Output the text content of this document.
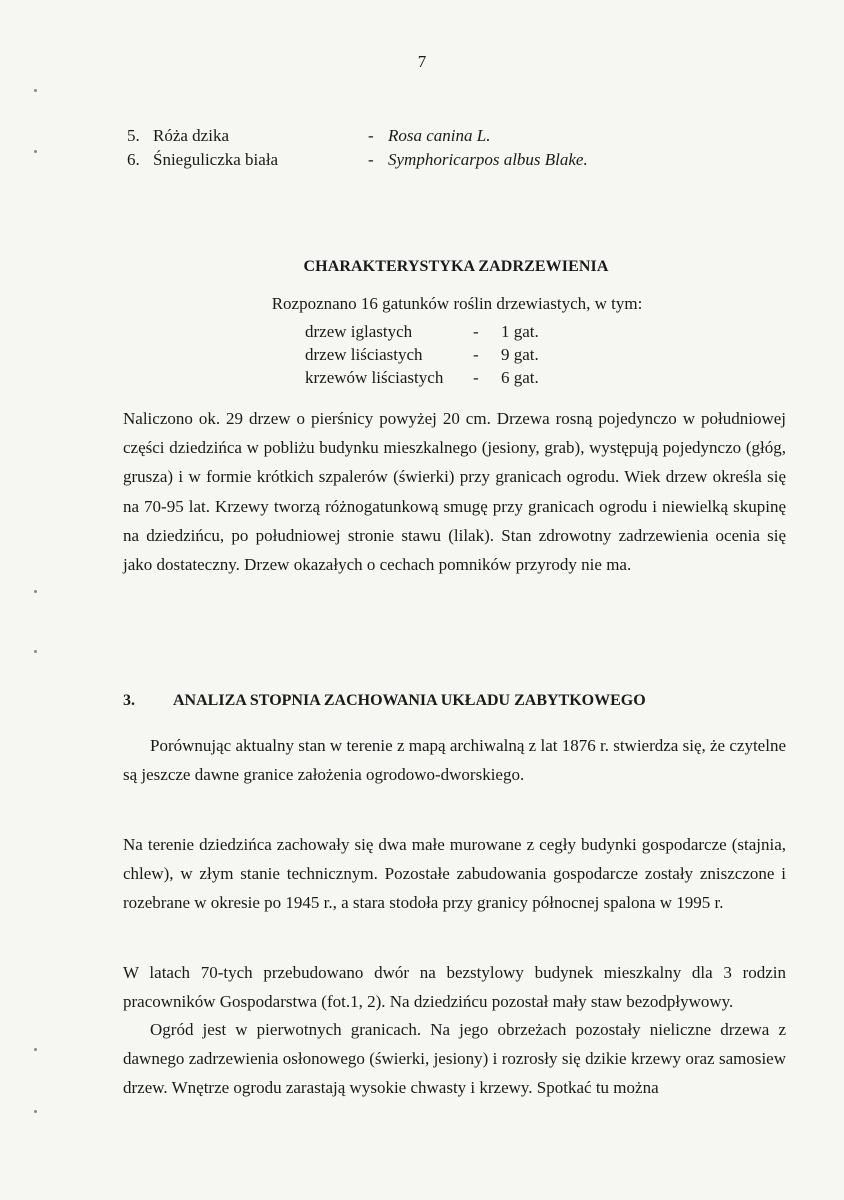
7
5. Róża dzika	- Rosa canina L.
6. Śnieguliczka biała	- Symphoricarpos albus Blake.
CHARAKTERYSTYKA ZADRZEWIENIA
Rozpoznano 16 gatunków roślin drzewiastych, w tym:
drzew iglastych	-	1 gat.
drzew liściastych	-	9 gat.
krzewów liściastych	-	6 gat.

Naliczono ok. 29 drzew o pierśnicy powyżej 20 cm. Drzewa rosną pojedynczo w południowej części dziedzińca w pobliżu budynku mieszkalnego (jesiony, grab), występują pojedynczo (głóg, grusza) i w formie krótkich szpalerów (świerki) przy granicach ogrodu. Wiek drzew określa się na 70-95 lat. Krzewy tworzą różnogatunkową smugę przy granicach ogrodu i niewielką skupinę na dziedzińcu, po południowej stronie stawu (lilak). Stan zdrowotny zadrzewienia ocenia się jako dostateczny. Drzew okazałych o cechach pomników przyrody nie ma.

3.	ANALIZA STOPNIA ZACHOWANIA UKŁADU ZABYTKOWEGO

Porównując aktualny stan w terenie z mapą archiwalną z lat 1876 r. stwierdza się, że czytelne są jeszcze dawne granice założenia ogrodowo-dworskiego.

Na terenie dziedzińca zachowały się dwa małe murowane z cegły budynki gospodarcze (stajnia, chlew), w złym stanie technicznym. Pozostałe zabudowania gospodarcze zostały zniszczone i rozebrane w okresie po 1945 r., a stara stodoła przy granicy północnej spalona w 1995 r.

W latach 70-tych przebudowano dwór na bezstylowy budynek mieszkalny dla 3 rodzin pracowników Gospodarstwa (fot.1, 2). Na dziedzińcu pozostał mały staw bezodpływowy.

Ogród jest w pierwotnych granicach. Na jego obrzeżach pozostały nieliczne drzewa z dawnego zadrzewienia osłonowego (świerki, jesiony) i rozrosły się dzikie krzewy oraz samosiew drzew. Wnętrze ogrodu zarastają wysokie chwasty i krzewy. Spotkać tu można
